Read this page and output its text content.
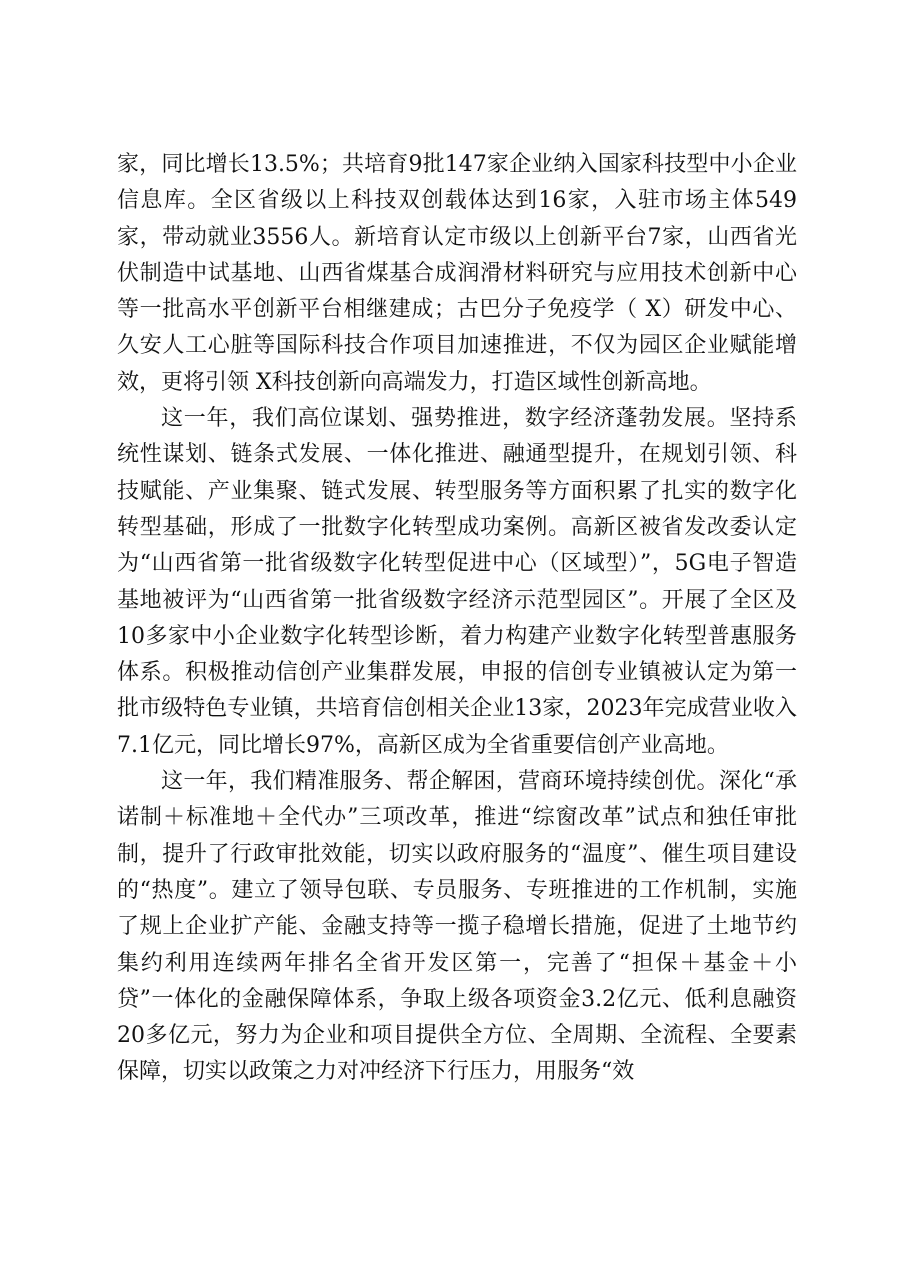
家，同比增长13.5%；共培育9批147家企业纳入国家科技型中小企业信息库。全区省级以上科技双创载体达到16家，入驻市场主体549家，带动就业3556人。新培育认定市级以上创新平台7家，山西省光伏制造中试基地、山西省煤基合成润滑材料研究与应用技术创新中心等一批高水平创新平台相继建成；古巴分子免疫学（ X）研发中心、久安人工心脏等国际科技合作项目加速推进，不仅为园区企业赋能增效，更将引领 X科技创新向高端发力，打造区域性创新高地。

这一年，我们高位谋划、强势推进，数字经济蓬勃发展。坚持系统性谋划、链条式发展、一体化推进、融通型提升，在规划引领、科技赋能、产业集聚、链式发展、转型服务等方面积累了扎实的数字化转型基础，形成了一批数字化转型成功案例。高新区被省发改委认定为“山西省第一批省级数字化转型促进中心（区域型）”，5G电子智造基地被评为“山西省第一批省级数字经济示范型园区”。开展了全区及10多家中小企业数字化转型诊断，着力构建产业数字化转型普惠服务体系。积极推动信创产业集群发展，申报的信创专业镇被认定为第一批市级特色专业镇，共培育信创相关企业13家，2023年完成营业收入7.1亿元，同比增长97%，高新区成为全省重要信创产业高地。

这一年，我们精准服务、帮企解困，营商环境持续创优。深化“承诺制＋标准地＋全代办”三项改革，推进“综窗改革”试点和独任审批制，提升了行政审批效能，切实以政府服务的“温度”、催生项目建设的“热度”。建立了领导包联、专员服务、专班推进的工作机制，实施了规上企业扩产能、金融支持等一揽子稳增长措施，促进了土地节约集约利用连续两年排名全省开发区第一，完善了“担保＋基金＋小贷”一体化的金融保障体系，争取上级各项资金3.2亿元、低利息融资20多亿元，努力为企业和项目提供全方位、全周期、全流程、全要素保障，切实以政策之力对冲经济下行压力，用服务“效
